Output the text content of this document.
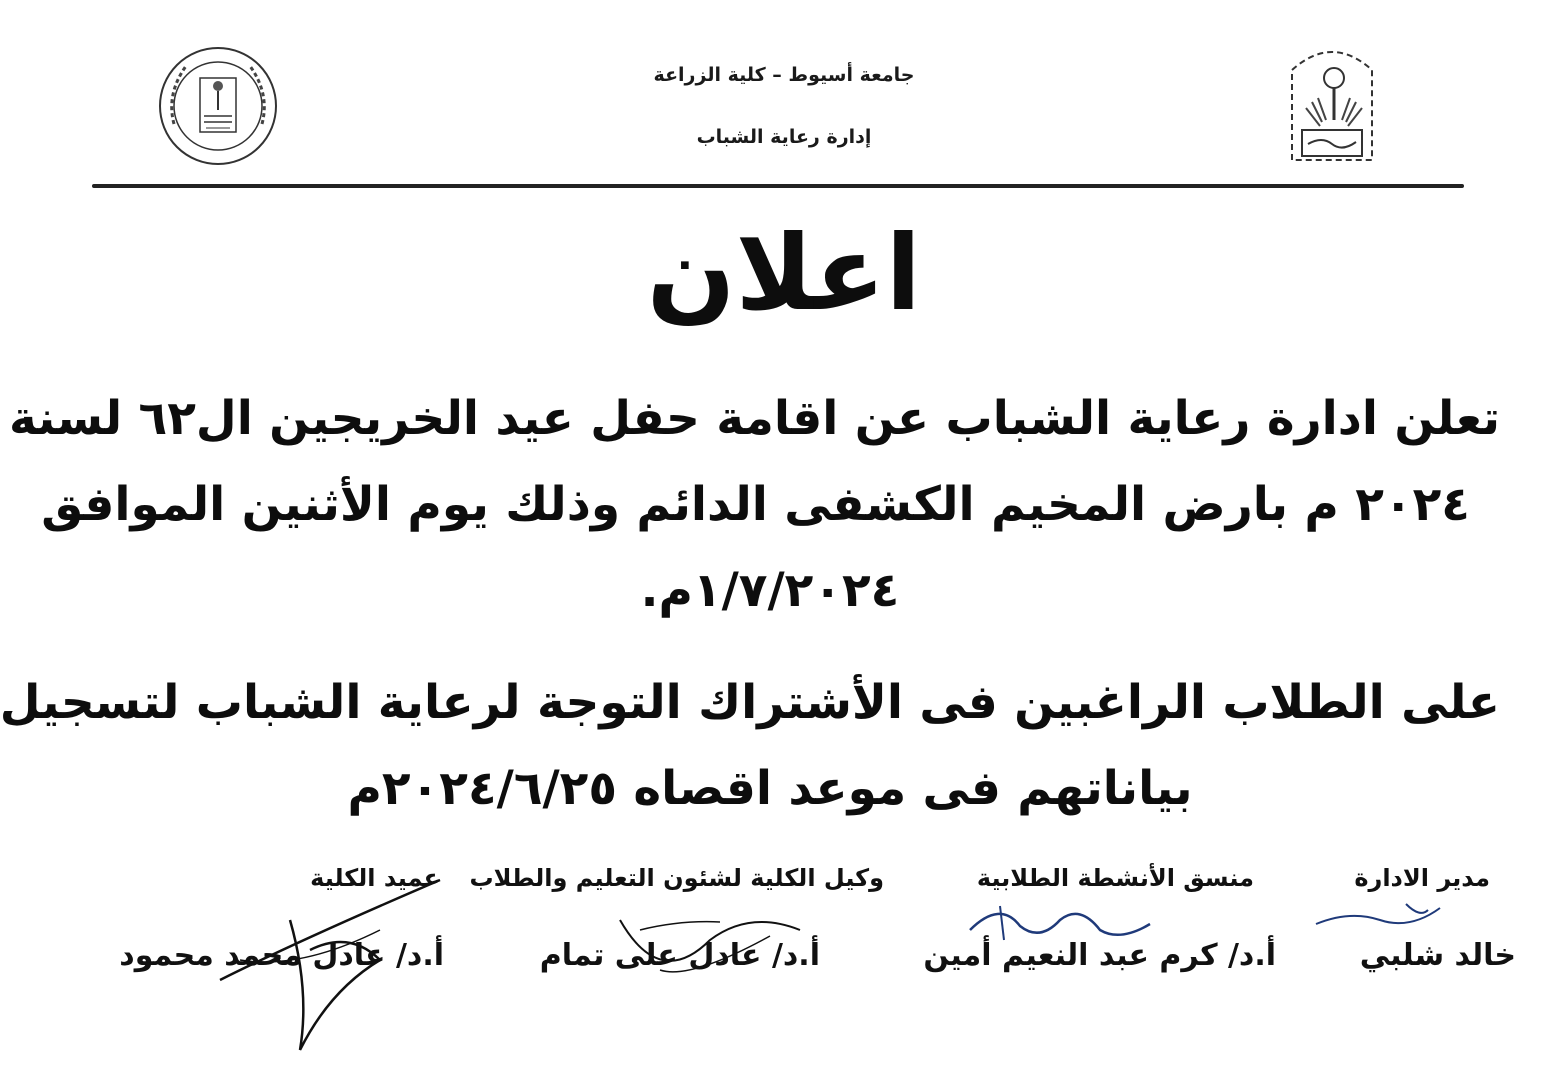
جامعة أسيوط – كلية الزراعة
إدارة رعاية الشباب
اعلان
تعلن ادارة رعاية الشباب عن اقامة حفل عيد الخريجين ال٦٢ لسنة
٢٠٢٤ م بارض المخيم الكشفى الدائم وذلك يوم الأثنين الموافق
١/٧/٢٠٢٤م.
على الطلاب الراغبين فى الأشتراك التوجة لرعاية الشباب لتسجيل
بياناتهم فى موعد اقصاه ٢٠٢٤/٦/٢٥م
مدير الادارة
منسق الأنشطة الطلابية
وكيل الكلية لشئون التعليم والطلاب
عميد الكلية
خالد شلبي
أ.د/ كرم عبد النعيم أمين
أ.د/ عادل على تمام
أ.د/ عادل محمد محمود
